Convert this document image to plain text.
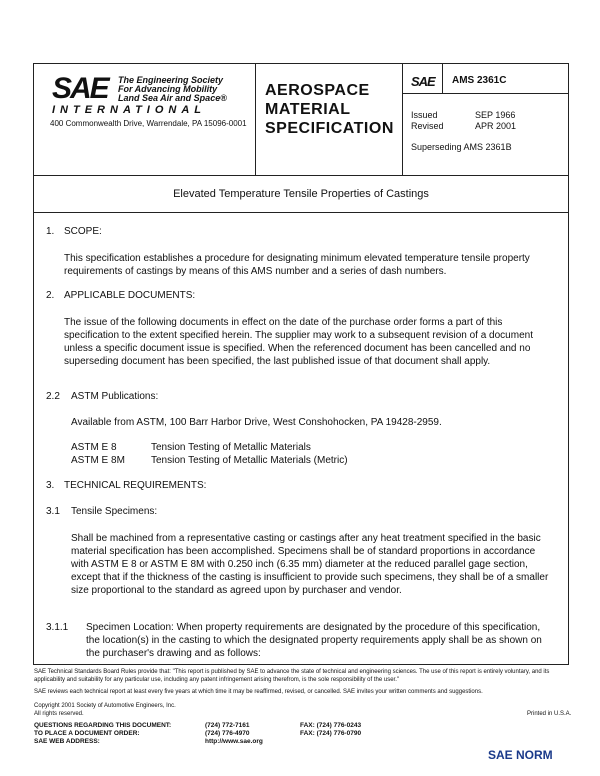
SAE The Engineering Society
For Advancing Mobility
Land Sea Air and Space®
INTERNATIONAL
400 Commonwealth Drive, Warrendale, PA 15096-0001
AEROSPACE
MATERIAL
SPECIFICATION
SAE AMS 2361C
Issued	SEP 1966
Revised	APR 2001
Superseding AMS 2361B
Elevated Temperature Tensile Properties of Castings
1. SCOPE:
This specification establishes a procedure for designating minimum elevated temperature tensile property requirements of castings by means of this AMS number and a series of dash numbers.
2. APPLICABLE DOCUMENTS:
The issue of the following documents in effect on the date of the purchase order forms a part of this specification to the extent specified herein. The supplier may work to a subsequent revision of a document unless a specific document issue is specified. When the referenced document has been cancelled and no superseding document has been specified, the last published issue of that document shall apply.
2.2 ASTM Publications:
Available from ASTM, 100 Barr Harbor Drive, West Conshohocken, PA 19428-2959.
ASTM E 8	Tension Testing of Metallic Materials
ASTM E 8M	Tension Testing of Metallic Materials (Metric)
3. TECHNICAL REQUIREMENTS:
3.1 Tensile Specimens:
Shall be machined from a representative casting or castings after any heat treatment specified in the basic material specification has been accomplished. Specimens shall be of standard proportions in accordance with ASTM E 8 or ASTM E 8M with 0.250 inch (6.35 mm) diameter at the reduced parallel gage section, except that if the thickness of the casting is insufficient to provide such specimens, they shall be of a smaller size proportional to the standard as agreed upon by purchaser and vendor.
3.1.1 Specimen Location: When property requirements are designated by the procedure of this specification, the location(s) in the casting to which the designated property requirements apply shall be as shown on the purchaser's drawing and as follows:
SAE Technical Standards Board Rules provide that: "This report is published by SAE to advance the state of technical and engineering sciences. The use of this report is entirely voluntary, and its applicability and suitability for any particular use, including any patent infringement arising therefrom, is the sole responsibility of the user."
SAE reviews each technical report at least every five years at which time it may be reaffirmed, revised, or cancelled. SAE invites your written comments and suggestions.
Copyright 2001 Society of Automotive Engineers, Inc.
All rights reserved.	Printed in U.S.A.
QUESTIONS REGARDING THIS DOCUMENT:	(724) 772-7161	FAX: (724) 776-0243
TO PLACE A DOCUMENT ORDER:	(724) 776-4970	FAX: (724) 776-0790
SAE WEB ADDRESS:	http://www.sae.org
SAE NORM
